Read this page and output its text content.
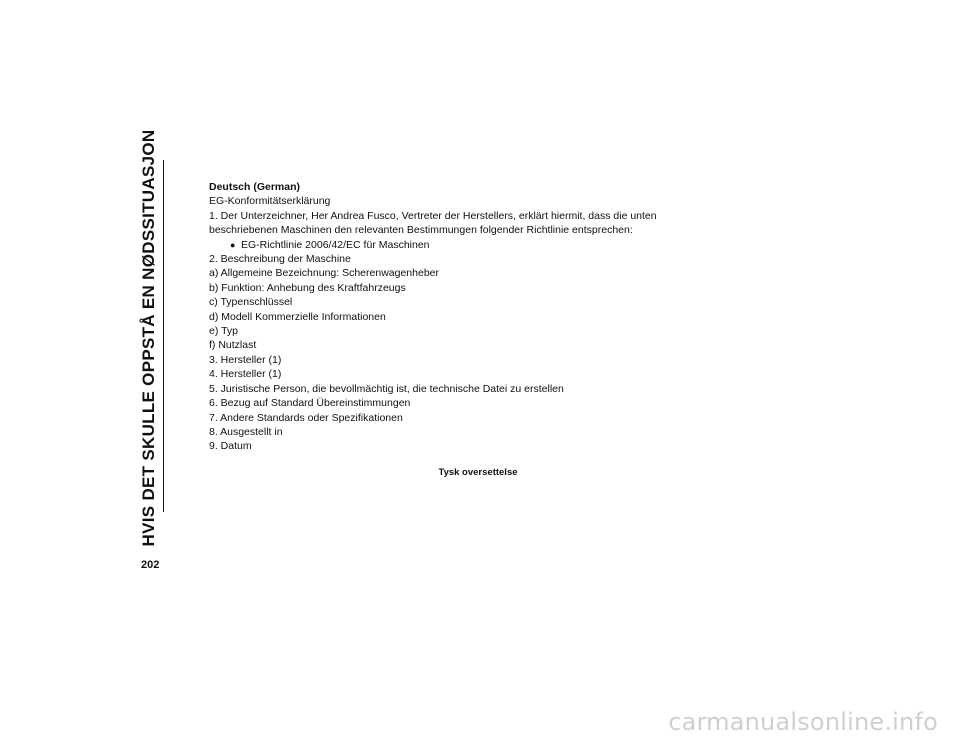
HVIS DET SKULLE OPPSTÅ EN NØDSSITUASJON
202
Deutsch (German)
EG-Konformitätserklärung
1. Der Unterzeichner, Her Andrea Fusco, Vertreter der Herstellers, erklärt hiermit, dass die unten
beschriebenen Maschinen den relevanten Bestimmungen folgender Richtlinie entsprechen:
● EG-Richtlinie 2006/42/EC für Maschinen
2. Beschreibung der Maschine
a) Allgemeine Bezeichnung: Scherenwagenheber
b) Funktion: Anhebung des Kraftfahrzeugs
c) Typenschlüssel
d) Modell Kommerzielle Informationen
e) Typ
f) Nutzlast
3. Hersteller (1)
4. Hersteller (1)
5. Juristische Person, die bevollmächtig ist, die technische Datei zu erstellen
6. Bezug auf Standard Übereinstimmungen
7. Andere Standards oder Spezifikationen
8. Ausgestellt in
9. Datum
Tysk oversettelse
carmanualsonline.info
